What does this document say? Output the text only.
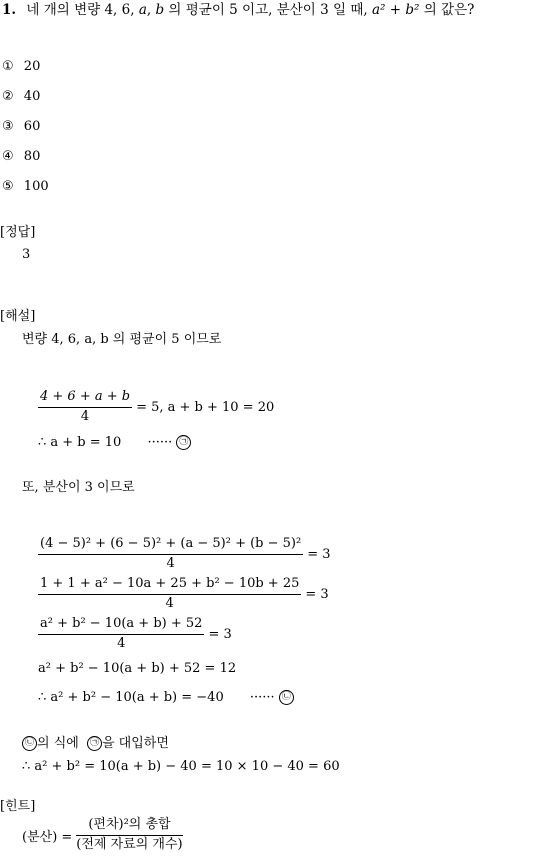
1. 네 개의 변량 4, 6, a, b 의 평균이 5 이고, 분산이 3 일 때, a² + b² 의 값은?
① 20
② 40
③ 60
④ 80
⑤ 100
[정답]
3
[해설]
변량 4, 6, a, b 의 평균이 5 이므로
$\frac{4 + 6 + a + b}{4} = 5$, a + b + 10 = 20
∴ a + b = 10 ······ ㉠
또, 분산이 3 이므로
$\frac{\text{(4 − 5)² + (6 − 5)² + (a − 5)² + (b − 5)²}}{4} = 3$
$\frac{\text{1 + 1 + a² − 10a + 25 + b² − 10b + 25}}{4} = 3$
$\frac{\text{a² + b² − 10(a + b) + 52}}{4} = 3$
a² + b² − 10(a + b) + 52 = 12
∴ a² + b² − 10(a + b) = −40 ······ ㉡
㉡ 의 식에 ㉠ 을 대입하면
∴ a² + b² = 10(a + b) − 40 = 10 × 10 − 40 = 60
[힌트]
(분산) = $\frac{\text{(편차)²의 총합}}{\text{(전제 자료의 개수)}}$
